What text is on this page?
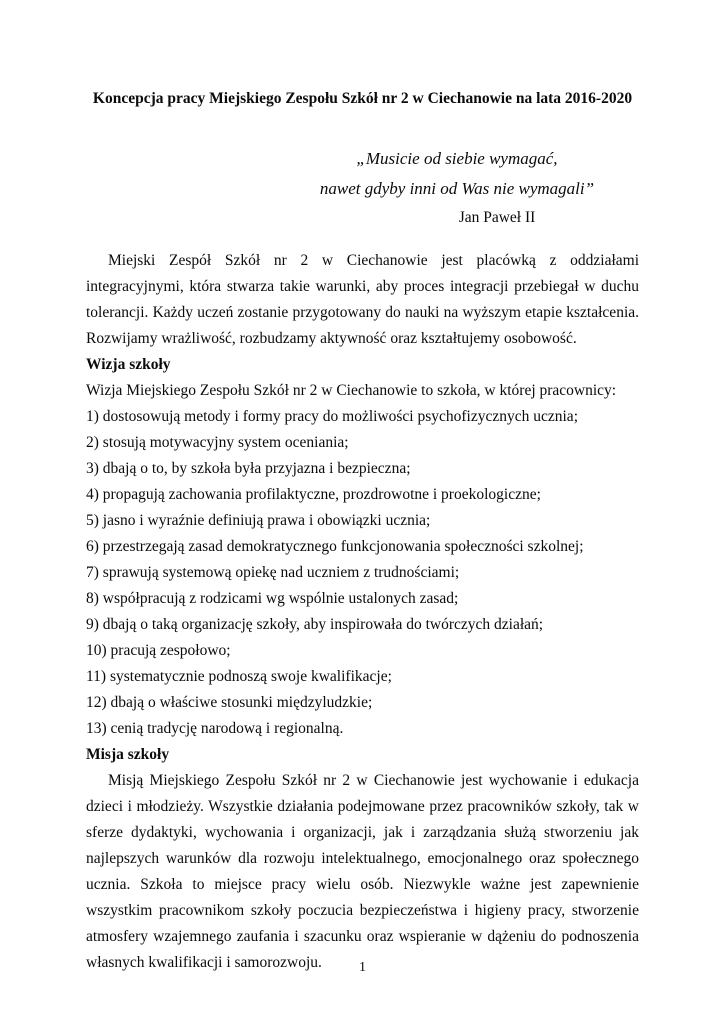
Koncepcja pracy Miejskiego Zespołu Szkół nr 2 w Ciechanowie na lata 2016-2020

„Musicie od siebie wymagać,

nawet gdyby inni od Was nie wymagali”

Jan Paweł II

Miejski Zespół Szkół nr 2 w Ciechanowie jest placówką z oddziałami integracyjnymi, która stwarza takie warunki, aby proces integracji przebiegał w duchu tolerancji. Każdy uczeń zostanie przygotowany do nauki na wyższym etapie kształcenia. Rozwijamy wrażliwość, rozbudzamy aktywność oraz kształtujemy osobowość.

Wizja szkoły

Wizja Miejskiego Zespołu Szkół nr 2 w Ciechanowie to szkoła, w której pracownicy:

1) dostosowują metody i formy pracy do możliwości psychofizycznych ucznia;

2) stosują motywacyjny system oceniania;

3) dbają o to, by szkoła była przyjazna i bezpieczna;

4) propagują zachowania profilaktyczne, prozdrowotne i proekologiczne;

5) jasno i wyraźnie definiują prawa i obowiązki ucznia;

6) przestrzegają zasad demokratycznego funkcjonowania społeczności szkolnej;

7) sprawują systemową opiekę nad uczniem z trudnościami;

8) współpracują z rodzicami wg wspólnie ustalonych zasad;

9) dbają o taką organizację szkoły, aby inspirowała do twórczych działań;

10) pracują zespołowo;

11) systematycznie podnoszą swoje kwalifikacje;

12) dbają o właściwe stosunki międzyludzkie;

13) cenią tradycję narodową i regionalną.

Misja szkoły

Misją Miejskiego Zespołu Szkół nr 2 w Ciechanowie jest wychowanie i edukacja dzieci i młodzieży. Wszystkie działania podejmowane przez pracowników szkoły, tak w sferze dydaktyki, wychowania i organizacji, jak i zarządzania służą stworzeniu jak najlepszych warunków dla rozwoju intelektualnego, emocjonalnego oraz społecznego ucznia. Szkoła to miejsce pracy wielu osób. Niezwykle ważne jest zapewnienie wszystkim pracownikom szkoły poczucia bezpieczeństwa i higieny pracy, stworzenie atmosfery wzajemnego zaufania i szacunku oraz wspieranie w dążeniu do podnoszenia własnych kwalifikacji i samorozwoju.	1
